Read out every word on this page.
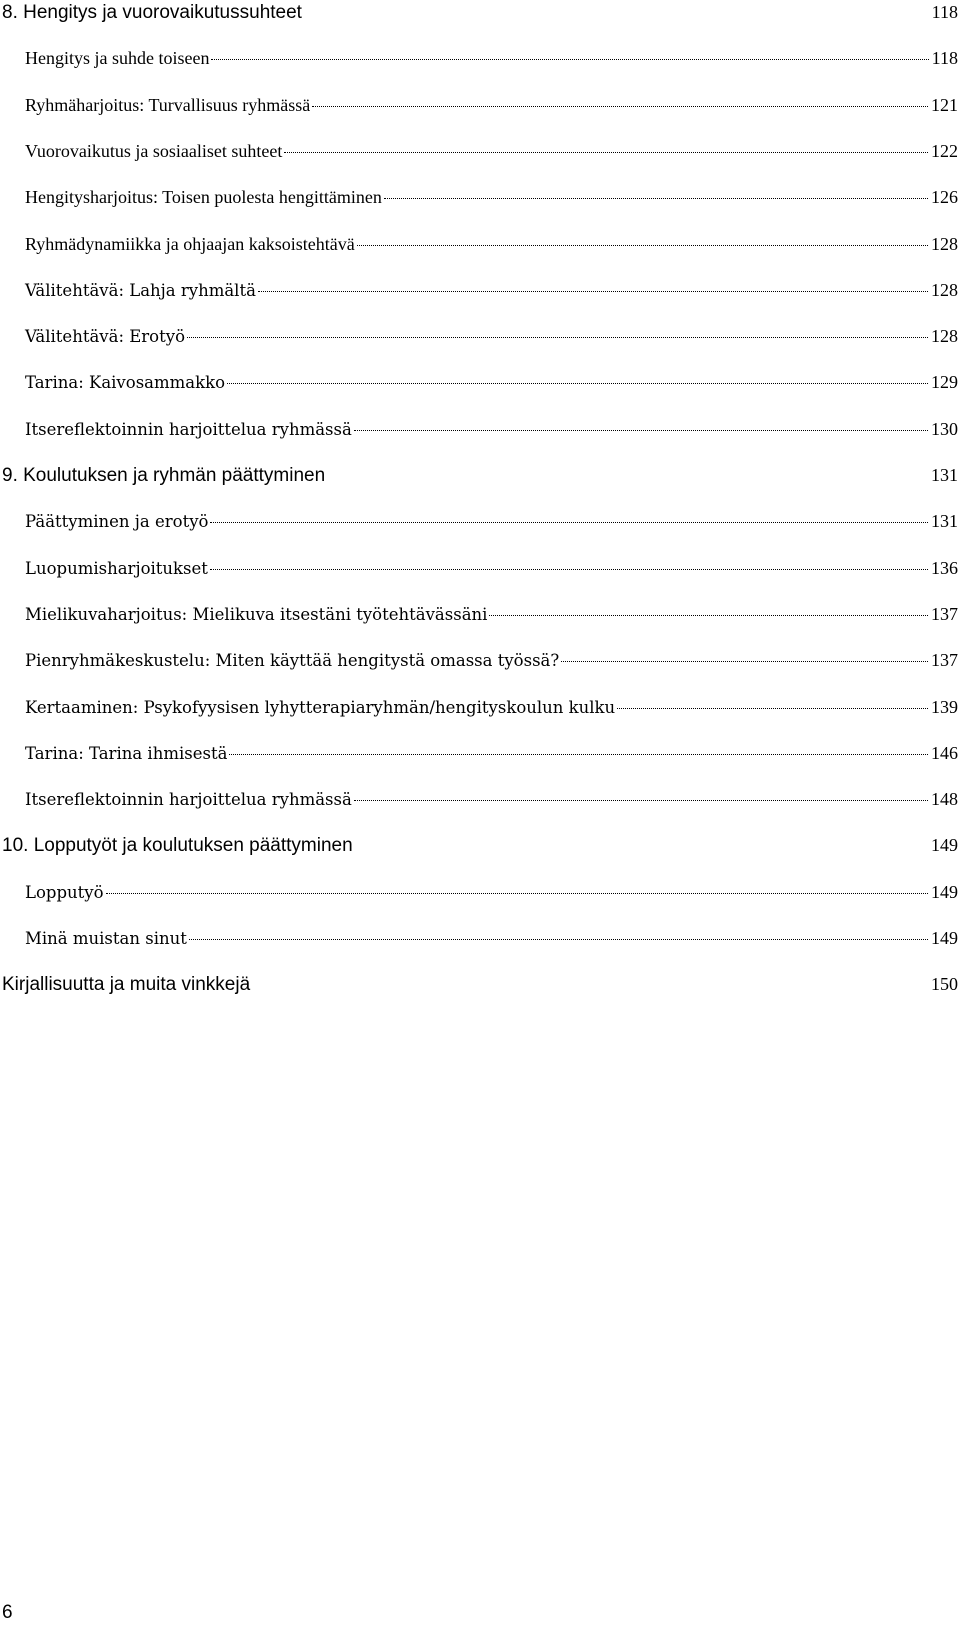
8. Hengitys ja vuorovaikutussuhteet	118
Hengitys ja suhde toiseen	118
Ryhmäharjoitus: Turvallisuus ryhmässä	121
Vuorovaikutus ja sosiaaliset suhteet	122
Hengitysharjoitus: Toisen puolesta hengittäminen	126
Ryhmädynamiikka ja ohjaajan kaksoistehtävä	128
Välitehtävä: Lahja ryhmältä	128
Välitehtävä: Erotyö	128
Tarina: Kaivosammakko	129
Itsereflektoinnin harjoittelua ryhmässä	130
9. Koulutuksen ja ryhmän päättyminen	131
Päättyminen ja erotyö	131
Luopumisharjoitukset	136
Mielikuvaharjoitus: Mielikuva itsestäni työtehtävässäni	137
Pienryhmäkeskustelu: Miten käyttää hengitystä omassa työssä?	137
Kertaaminen: Psykofyysisen lyhytterapiaryhmän/hengityskoulun kulku	139
Tarina: Tarina ihmisestä	146
Itsereflektoinnin harjoittelua ryhmässä	148
10. Lopputyöt ja koulutuksen päättyminen	149
Lopputyö	149
Minä muistan sinut	149
Kirjallisuutta ja muita vinkkejä	150
6
